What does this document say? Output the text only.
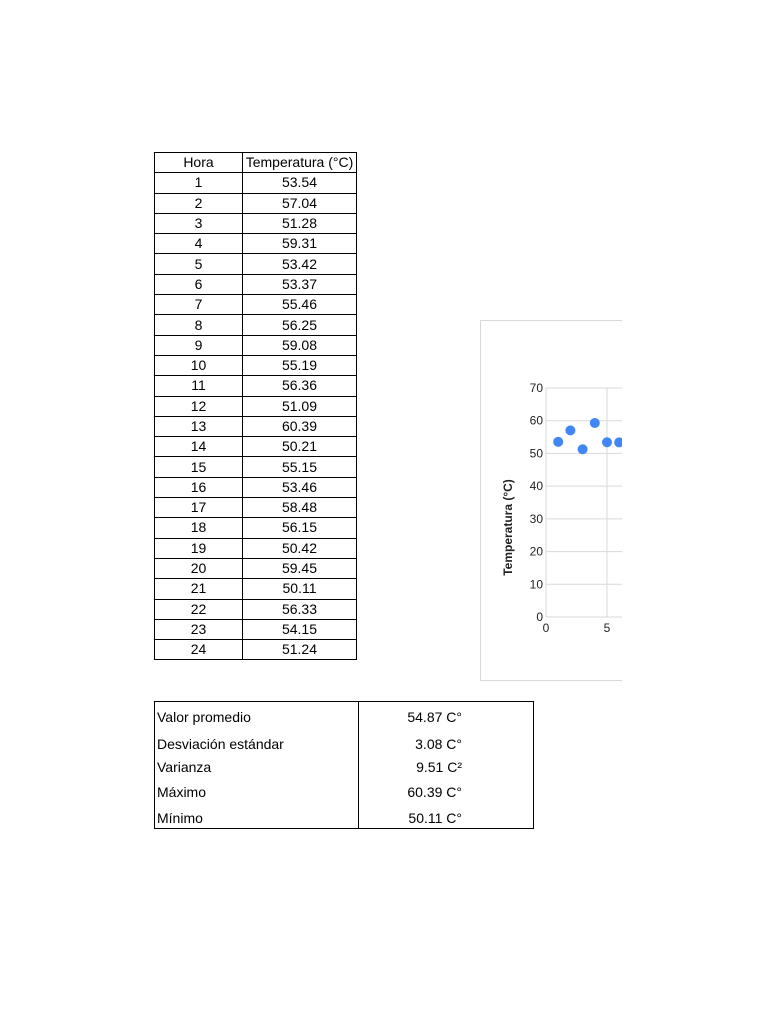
Hora	Temperatura (°C)
1	53.54
2	57.04
3	51.28
4	59.31
5	53.42
6	53.37
7	55.46
8	56.25
9	59.08
10	55.19
11	56.36
12	51.09
13	60.39
14	50.21
15	55.15
16	53.46
17	58.48
18	56.15
19	50.42
20	59.45
21	50.11
22	56.33
23	54.15
24	51.24
0
10
20
30
40
50
60
70
0	5
Temperatura (°C)
Valor promedio	54.87 C°
Desviación estándar	3.08 C°
Varianza	9.51 C²
Máximo	60.39 C°
Mínimo	50.11 C°
